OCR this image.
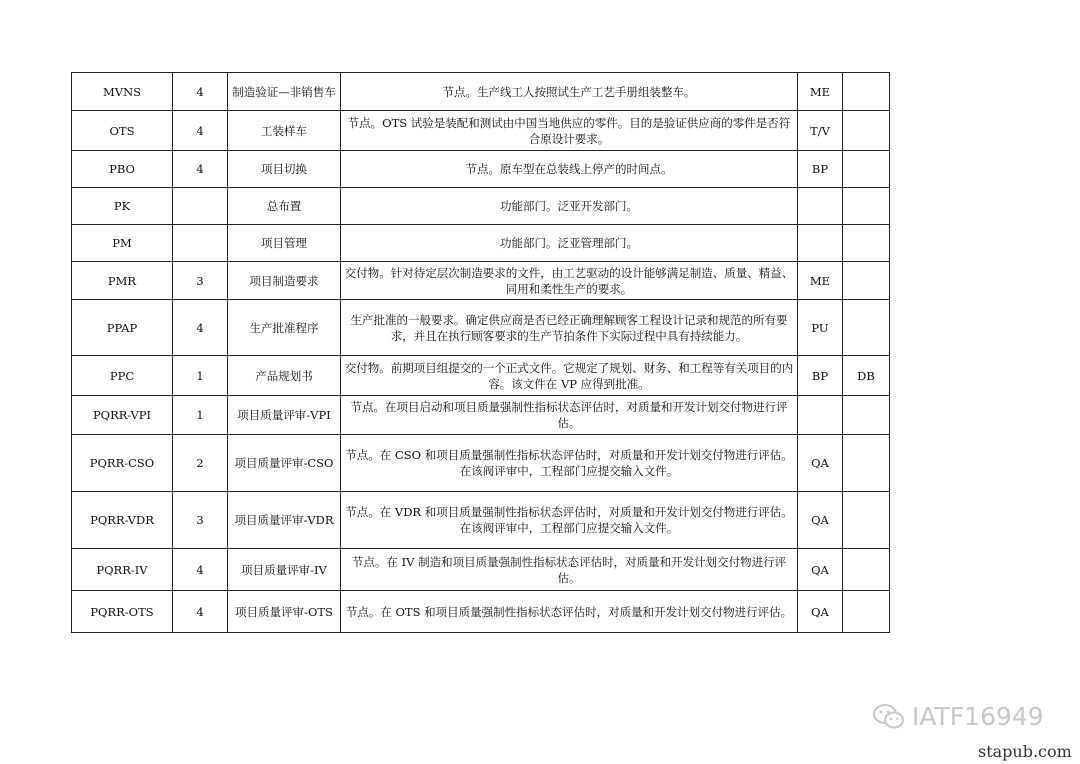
MVNS	4	制造验证—非销售车	节点。生产线工人按照试生产工艺手册组装整车。	ME	
OTS	4	工装样车	节点。OTS 试验是装配和测试由中国当地供应的零件。目的是验证供应商的零件是否符合原设计要求。	T/V	
PBO	4	项目切换	节点。原车型在总装线上停产的时间点。	BP	
PK		总布置	功能部门。泛亚开发部门。		
PM		项目管理	功能部门。泛亚管理部门。		
PMR	3	项目制造要求	交付物。针对待定层次制造要求的文件，由工艺驱动的设计能够满足制造、质量、精益、同用和柔性生产的要求。	ME	
PPAP	4	生产批准程序	生产批准的一般要求。确定供应商是否已经正确理解顾客工程设计记录和规范的所有要求，并且在执行顾客要求的生产节拍条件下实际过程中具有持续能力。	PU	
PPC	1	产品规划书	交付物。前期项目组提交的一个正式文件。它规定了规划、财务、和工程等有关项目的内容。该文件在 VP 应得到批准。	BP	DB
PQRR-VPI	1	项目质量评审-VPI	节点。在项目启动和项目质量强制性指标状态评估时，对质量和开发计划交付物进行评估。		
PQRR-CSO	2	项目质量评审-CSO	节点。在 CSO 和项目质量强制性指标状态评估时，对质量和开发计划交付物进行评估。在该阀评审中，工程部门应提交输入文件。	QA	
PQRR-VDR	3	项目质量评审-VDR	节点。在 VDR 和项目质量强制性指标状态评估时，对质量和开发计划交付物进行评估。在该阀评审中，工程部门应提交输入文件。	QA	
PQRR-IV	4	项目质量评审-IV	节点。在 IV 制造和项目质量强制性指标状态评估时，对质量和开发计划交付物进行评估。	QA	
PQRR-OTS	4	项目质量评审-OTS	节点。在 OTS 和项目质量强制性指标状态评估时，对质量和开发计划交付物进行评估。	QA	
IATF16949
stapub.com
